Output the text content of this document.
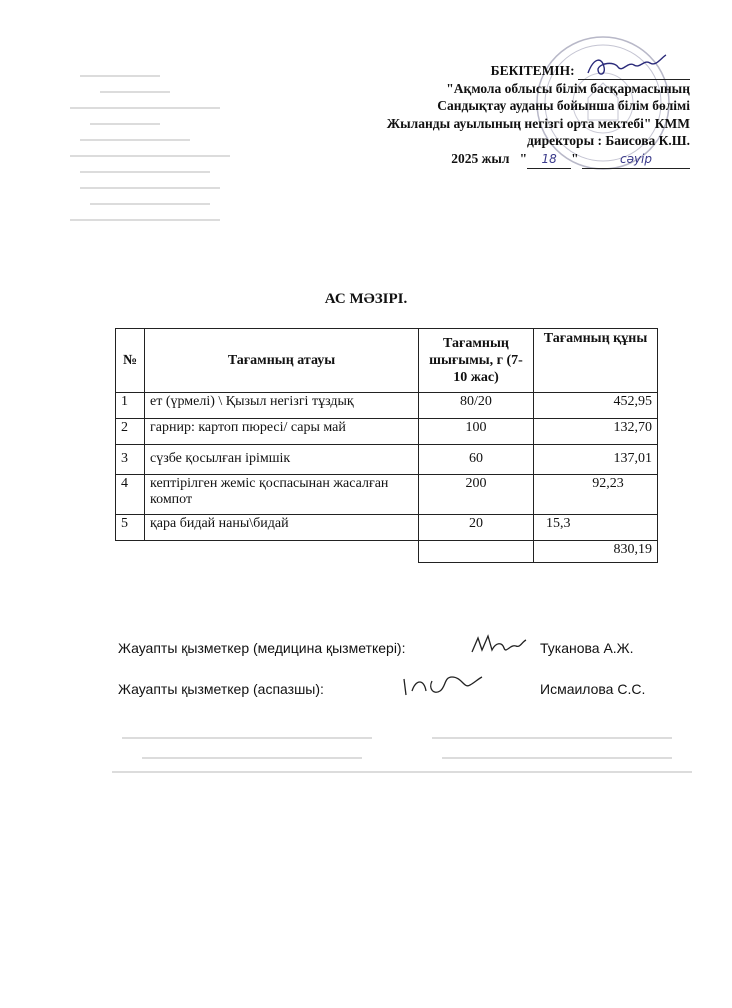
БЕКІТЕМІН:
"Ақмола облысы білім басқармасының
Сандықтау ауданы бойынша білім бөлімі
Жыланды ауылының негізгі орта мектебі" КММ
директоры : Баисова К.Ш.
2025 жыл   " 18 "	сәуір
АС МӘЗІРІ.
№	Тағамның атауы	Тағамның шығымы, г (7-10 жас)	Тағамның құны
1	ет (үрмелі) \ Қызыл негізгі тұздық	80/20	452,95
2	гарнир: картоп пюресі/ сары май	100	132,70
3	сүзбе қосылған ірімшік	60	137,01
4	кептірілген жеміс қоспасынан жасалған компот	200	92,23
5	қара бидай наны\бидай	20	15,3
			830,19
Жауапты қызметкер (медицина қызметкері):	Туканова А.Ж.
Жауапты қызметкер (аспазшы):	Исмаилова С.С.
